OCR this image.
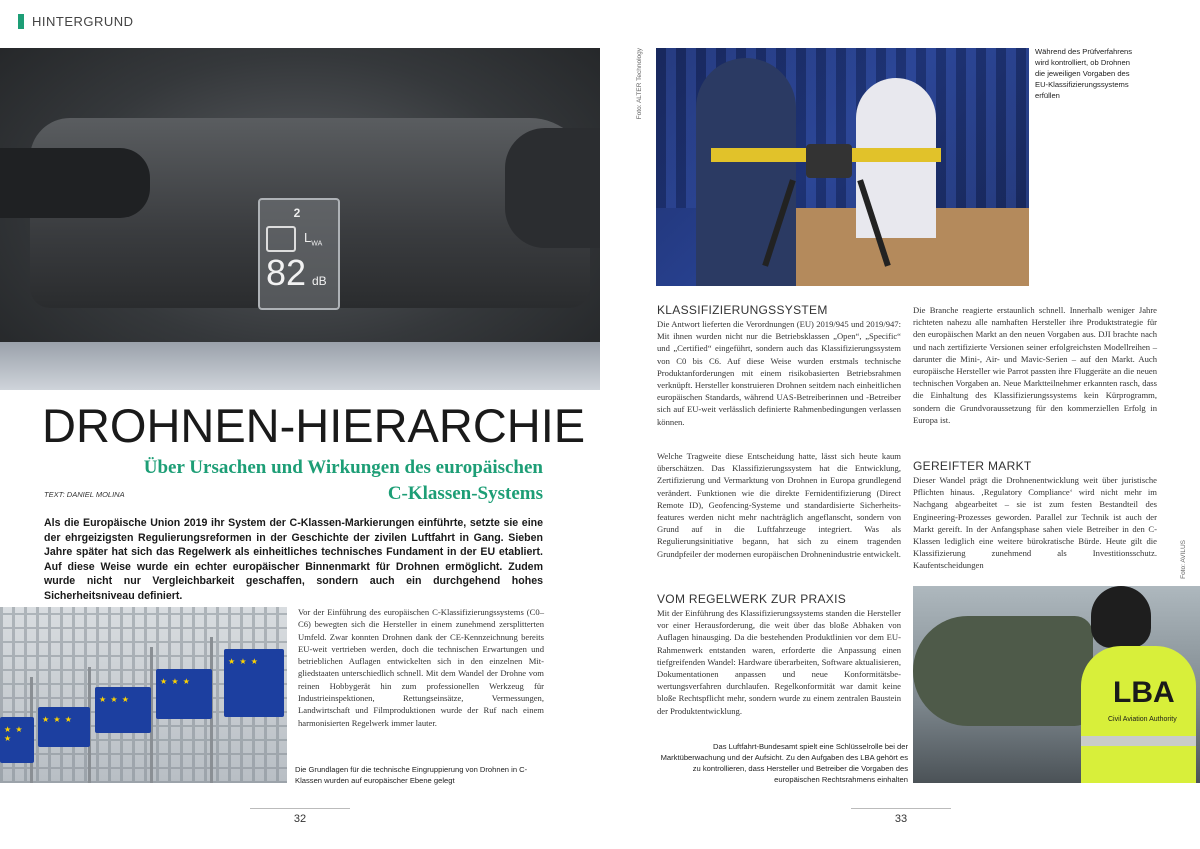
HINTERGRUND
2
$L_{WA}$
82 dB
Foto: ALTER Technology	Während des Prüfverfahrens wird kontrolliert, ob Drohnen die jeweiligen Vorgaben des EU-Klassifizierungssystems erfüllen
DROHNEN-HIERARCHIE
Über Ursachen und Wirkungen des europäischen C-Klassen-Systems
TEXT: DANIEL MOLINA
Als die Europäische Union 2019 ihr System der C-Klassen-Markierungen einführte, setzte sie eine der ehrgeizigsten Regulierungsreformen in der Geschichte der zivilen Luftfahrt in Gang. Sieben Jahre später hat sich das Regelwerk als einheitliches technisches Fundament in der EU etabliert. Auf diese Weise wurde ein echter europäischer Binnenmarkt für Drohnen ermöglicht. Zudem wurde nicht nur Vergleichbarkeit geschaffen, sondern auch ein durchgehend hohes Sicherheitsniveau definiert.
★ ★ ★
★ ★ ★
★ ★ ★
★ ★ ★
★ ★ ★
Vor der Einführung des europäischen C-Klassifizierungssystems (C0–C6) bewegten sich die Hersteller in einem zunehmend zersplitterten Umfeld. Zwar konnten Drohnen dank der CE-Kennzeichnung bereits EU-weit vertrieben werden, doch die technischen Erwartungen und betrieblichen Auflagen entwickelten sich in den einzelnen Mitgliedstaaten unterschiedlich schnell. Mit dem Wandel der Drohne vom reinen Hobbygerät hin zum professionellen Werkzeug für Industrieinspektionen, Rettungseinsätze, Vermessungen, Landwirtschaft und Filmproduktionen wurde der Ruf nach einem harmonisierten Regelwerk immer lauter.
Die Grundlagen für die technische Eingruppierung von Drohnen in C-Klassen wurden auf europäischer Ebene gelegt
KLASSIFIZIERUNGSSYSTEM
Die Antwort lieferten die Verordnungen (EU) 2019/945 und 2019/947: Mit ihnen wurden nicht nur die Betriebsklassen „Open“, „Specific“ und „Certified“ eingeführt, sondern auch das Klassifizierungssystem von C0 bis C6. Auf diese Weise wurden erstmals technische Produktanforderungen mit einem risikobasierten Betriebsrahmen verknüpft. Hersteller konstruieren Drohnen seitdem nach einheitlichen europäischen Standards, während UAS-Betreiberinnen und -Betreiber sich auf EU-weit verlässlich definierte Rahmenbedingungen verlassen können.
Welche Tragweite diese Entscheidung hatte, lässt sich heute kaum überschätzen. Das Klassifizierungssystem hat die Entwicklung, Zertifizierung und Vermarktung von Drohnen in Europa grundlegend verändert. Funktionen wie die direkte Fernidentifizierung (Direct Remote ID), Geofencing-Systeme und standardisierte Sicherheitsfeatures werden nicht mehr nachträglich angeflanscht, sondern von Grund auf in die Luftfahrzeuge integriert. Was als Regulierungsinitiative begann, hat sich zu einem tragenden Grundpfeiler der modernen europäischen Drohnenindustrie entwickelt.
VOM REGELWERK ZUR PRAXIS
Mit der Einführung des Klassifizierungssystems standen die Hersteller vor einer Herausforderung, die weit über das bloße Abhaken von Auflagen hinausging. Da die bestehenden Produktlinien vor dem EU-Rahmenwerk entstanden waren, erforderte die Anpassung einen tiefgreifenden Wandel: Hardware überarbeiten, Software aktualisieren, Dokumentationen anpassen und neue Konformitätsbewertungsverfahren durchlaufen. Regelkonformität war damit keine bloße Rechtspflicht mehr, sondern wurde zu einem zentralen Baustein der Produktentwicklung.
Die Branche reagierte erstaunlich schnell. Innerhalb weniger Jahre richteten nahezu alle namhaften Hersteller ihre Produktstrategie für den europäischen Markt an den neuen Vorgaben aus. DJI brachte nach und nach zertifizierte Versionen seiner erfolgreichsten Modellreihen – darunter die Mini-, Air- und Mavic-Serien – auf den Markt. Auch europäische Hersteller wie Parrot passten ihre Fluggeräte an die neuen technischen Vorgaben an. Neue Marktteilnehmer erkannten rasch, dass die Einhaltung des Klassifizierungssystems kein Kürprogramm, sondern die Grundvoraussetzung für den kommerziellen Erfolg in Europa ist.
GEREIFTER MARKT
Dieser Wandel prägt die Drohnenentwicklung weit über juristische Pflichten hinaus. ‚Regulatory Compliance‘ wird nicht mehr im Nachgang abgearbeitet – sie ist zum festen Bestandteil des Engineering-Prozesses geworden. Parallel zur Technik ist auch der Markt gereift. In der Anfangsphase sahen viele Betreiber in den C-Klassen lediglich eine weitere bürokratische Bürde. Heute gilt die Klassifizierung zunehmend als Investitionsschutz. Kaufentscheidungen
LBA
Civil Aviation Authority
Foto: AVILUS
Das Luftfahrt-Bundesamt spielt eine Schlüsselrolle bei der Marktüberwachung und der Aufsicht. Zu den Aufgaben des LBA gehört es zu kontrollieren, dass Hersteller und Betreiber die Vorgaben des europäischen Rechtsrahmens einhalten
32	33
